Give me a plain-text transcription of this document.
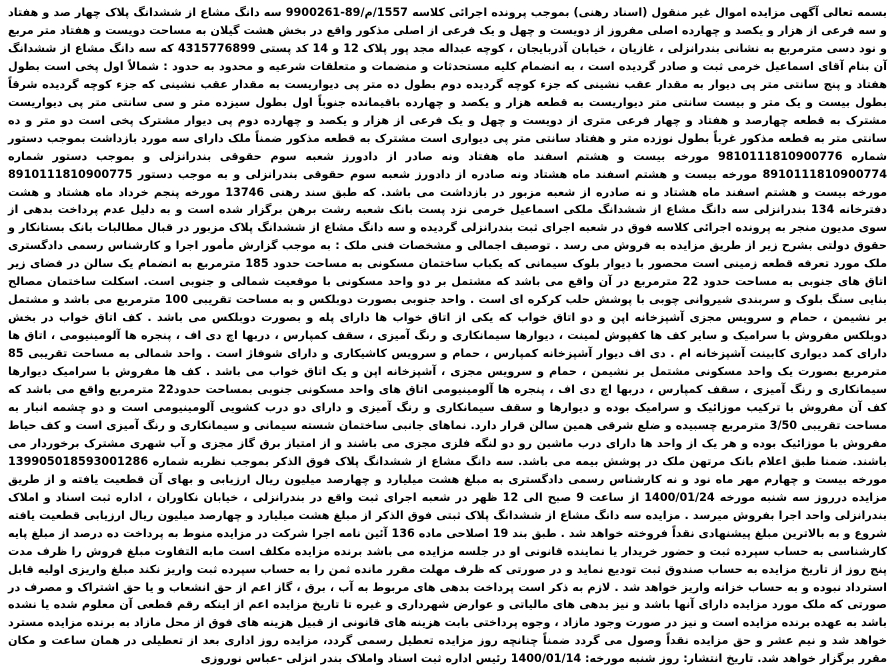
بسمه تعالی آگهی مزایده اموال غیر منقول (اسناد رهنی) بموجب پرونده اجرائی کلاسه 1557/م/89-9900261 سه دانگ مشاع از ششدانگ پلاک چهار صد و هفتاد و سه فرعی از هزار و یکصد و چهارده اصلی مفروز از دویست و چهل و یک فرعی از اصلی مذکور واقع در بخش هشت گیلان به مساحت دویست و هفتاد متر مربع و نود دسی مترمربع به نشانی بندرانزلی ، غازیان ، خیابان آذربایجان ، کوچه عبداله مجد پور پلاک 12 و 14 کد پستی 4315776899 که سه دانگ مشاع از ششدانگ آن بنام آقای اسماعیل خرمی ثبت و صادر گردیده است ، به انضمام کلیه مستحدثات و منضمات و متعلقات شرعیه و محدود به حدود : شمالاً اول پخی است بطول هفتاد و پنج سانتی متر پی دیوار به مقدار عقب نشینی که جزء کوچه گردیده دوم بطول ده متر پی دیواریست به مقدار عقب نشینی که جزء کوچه گردیده شرقاً بطول بیست و یک متر و بیست سانتی متر دیواریست به قطعه هزار و یکصد و چهارده باقیمانده جنوباً اول بطول سیزده متر و سی سانتی متر پی دیواریست مشترک به قطعه چهارصد و هفتاد و چهار فرعی متری از دویست و چهل و یک فرعی از هزار و یکصد و چهارده دوم پی دیوار مشترک پخی است دو متر و ده سانتی متر به قطعه مذکور غرباً بطول نوزده متر و هفتاد سانتی متر پی دیواری است مشترک به قطعه مذکور ضمناً ملک دارای سه مورد بازداشت بموجب دستور شماره 9810111810900776 مورخه بیست و هشتم اسفند ماه هفتاد ونه صادر از دادورز شعبه سوم حقوقی بندرانزلی و بموجب دستور شماره 8910111810900774 مورخه بیست و هشتم اسفند ماه هشتاد ونه صادره از دادورز شعبه سوم حقوقی بندرانزلی و به موجب دستور 8910111810900775 مورخه بیست و هشتم اسفند ماه هشتاد و نه صادره از شعبه مزبور در بازداشت می باشد. که طبق سند رهنی 13746 مورخه پنجم خرداد ماه هشتاد و هشت دفترخانه 134 بندرانزلی سه دانگ مشاع از ششدانگ ملکی اسماعیل خرمی نزد پست بانک شعبه رشت برهن برگزار شده است و به دلیل عدم پرداخت بدهی از سوی مدیون منجر به پرونده اجرائی کلاسه فوق در شعبه اجرای ثبت بندرانزلی گردیده و سه دانگ مشاع از ششدانگ پلاک مزبور در قبال مطالبات بانک بستانکار و حقوق دولتی بشرح زیر از طریق مزایده به فروش می رسد . توصیف اجمالی و مشخصات فنی ملک : به موجب گزارش مأمور اجرا و کارشناس رسمی دادگستری ملک مورد تعرفه قطعه زمینی است محصور با دیوار بلوک سیمانی که یکباب ساختمان مسکونی به مساحت حدود 185 مترمربع به انضمام یک سالن در فضای زیر اتاق های جنوبی به مساحت حدود 22 مترمربع در آن واقع می باشد که مشتمل بر دو واحد مسکونی با موقعیت شمالی و جنوبی است. اسکلت ساختمان مصالح بنایی سنگ بلوک و سربندی شیروانی چوبی با پوشش حلب کرکره ای است . واحد جنوبی بصورت دوبلکس و به مساحت تقریبی 100 مترمربع می باشد و مشتمل بر نشیمن ، حمام و سرویس مجزی آشپزخانه اپن و دو اتاق خواب که یکی از اتاق خواب ها دارای پله و بصورت دوبلکس می باشد . کف اتاق خواب در بخش دوبلکس مفروش با سرامیک و سایر کف ها کفپوش لمینت ، دیوارها سیمانکاری و رنگ آمیزی ، سقف کمپارس ، دربها اچ دی اف ، پنجره ها آلومینیومی ، اتاق ها دارای کمد دیواری کابینت آشپزخانه ام . دی اف دیوار آشپزخانه کمپارس ، حمام و سرویس کاشیکاری و دارای شوفاژ است . واحد شمالی به مساحت تقریبی 85 مترمربع بصورت یک واحد مسکونی مشتمل بر نشیمن ، حمام و سرویس مجزی ، آشپزخانه اپن و یک اتاق خواب می باشد . کف ها مفروش با سرامیک دیوارها سیمانکاری و رنگ آمیزی ، سقف کمپارس ، دربها اچ دی اف ، پنجره ها آلومینیومی اتاق های واحد مسکونی جنوبی بمساحت حدود22 مترمربع واقع می باشد که کف آن مفروش با ترکیب موزائیک و سرامیک بوده و دیوارها و سقف سیمانکاری و رنگ آمیزی و دارای دو درب کشویی آلومینیومی است و دو چشمه انبار به مساحت تقریبی 3/50 مترمربع چسبیده و ضلع شرقی همین سالن قرار دارد. نماهای جانبی ساختمان شسته سیمانی و سیمانکاری و رنگ آمیزی است و کف حیاط مفروش با موزائیک بوده و هر یک از واحد ها دارای درب ماشین رو دو لنگه فلزی مجزی می باشند و از امتیاز برق گاز مجزی و آب شهری مشترک برخوردار می باشند. ضمنا طبق اعلام بانک مرتهن ملک در پوشش بیمه می باشد. سه دانگ مشاع از ششدانگ پلاک فوق الذکر بموجب نظریه شماره 139905018593001286 مورخه بیست و چهارم مهر ماه نود و نه کارشناس رسمی دادگستری به مبلغ هشت میلیارد و چهارصد میلیون ریال ارزیابی و بهای آن قطعیت یافته و از طریق مزایده درروز سه شنبه مورخه 1400/01/24 از ساعت 9 صبح الی 12 ظهر در شعبه اجرای ثبت واقع در بندرانزلی ، خیابان نکاوران ، اداره ثبت اسناد و املاک بندرانزلی واحد اجرا بفروش میرسد . مزایده سه دانگ مشاع از ششدانگ پلاک ثبتی فوق الذکر از مبلغ هشت میلیارد و چهارصد میلیون ریال ارزیابی قطعیت یافته شروع و به بالاترین مبلغ پیشنهادی نقداً فروخته خواهد شد . طبق بند 19 اصلاحی ماده 136 آئین نامه اجرا شرکت در مزایده منوط به پرداخت ده درصد از مبلغ پایه کارشناسی به حساب سپرده ثبت و حضور خریدار یا نماینده قانونی او در جلسه مزایده می باشد برنده مزایده مکلف است مابه التفاوت مبلغ فروش را ظرف مدت پنج روز از تاریخ مزایده به حساب صندوق ثبت تودیع نماید و در صورتی که ظرف مهلت مقرر مانده ثمن را به حساب سپرده ثبت واریز نکند مبلغ واریزی اولیه قابل استرداد نبوده و به حساب خزانه واریز خواهد شد . لازم به ذکر است پرداخت بدهی های مربوط به آب ، برق ، گاز اعم از حق انشعاب و یا حق اشتراک و مصرف در صورتی که ملک مورد مزایده دارای آنها باشد و نیز بدهی های مالیاتی و عوارض شهرداری و غیره تا تاریخ مزایده اعم از اینکه رقم قطعی آن معلوم شده یا نشده باشد به عهده برنده مزایده است و نیز در صورت وجود مازاد ، وجوه پرداختی بابت هزینه های قانونی از قبیل هزینه های فوق از محل مازاد به برنده مزایده مسترد خواهد شد و نیم عشر و حق مزایده نقداً وصول می گردد ضمناً چنانچه روز مزایده تعطیل رسمی گردد، مزایده روز اداری بعد از تعطیلی در همان ساعت و مکان مقرر برگزار خواهد شد. تاریخ انتشار: روز شنبه مورخه: 1400/01/14 رئیس اداره ثبت اسناد واملاک بندر انزلی -عباس نوروزی
